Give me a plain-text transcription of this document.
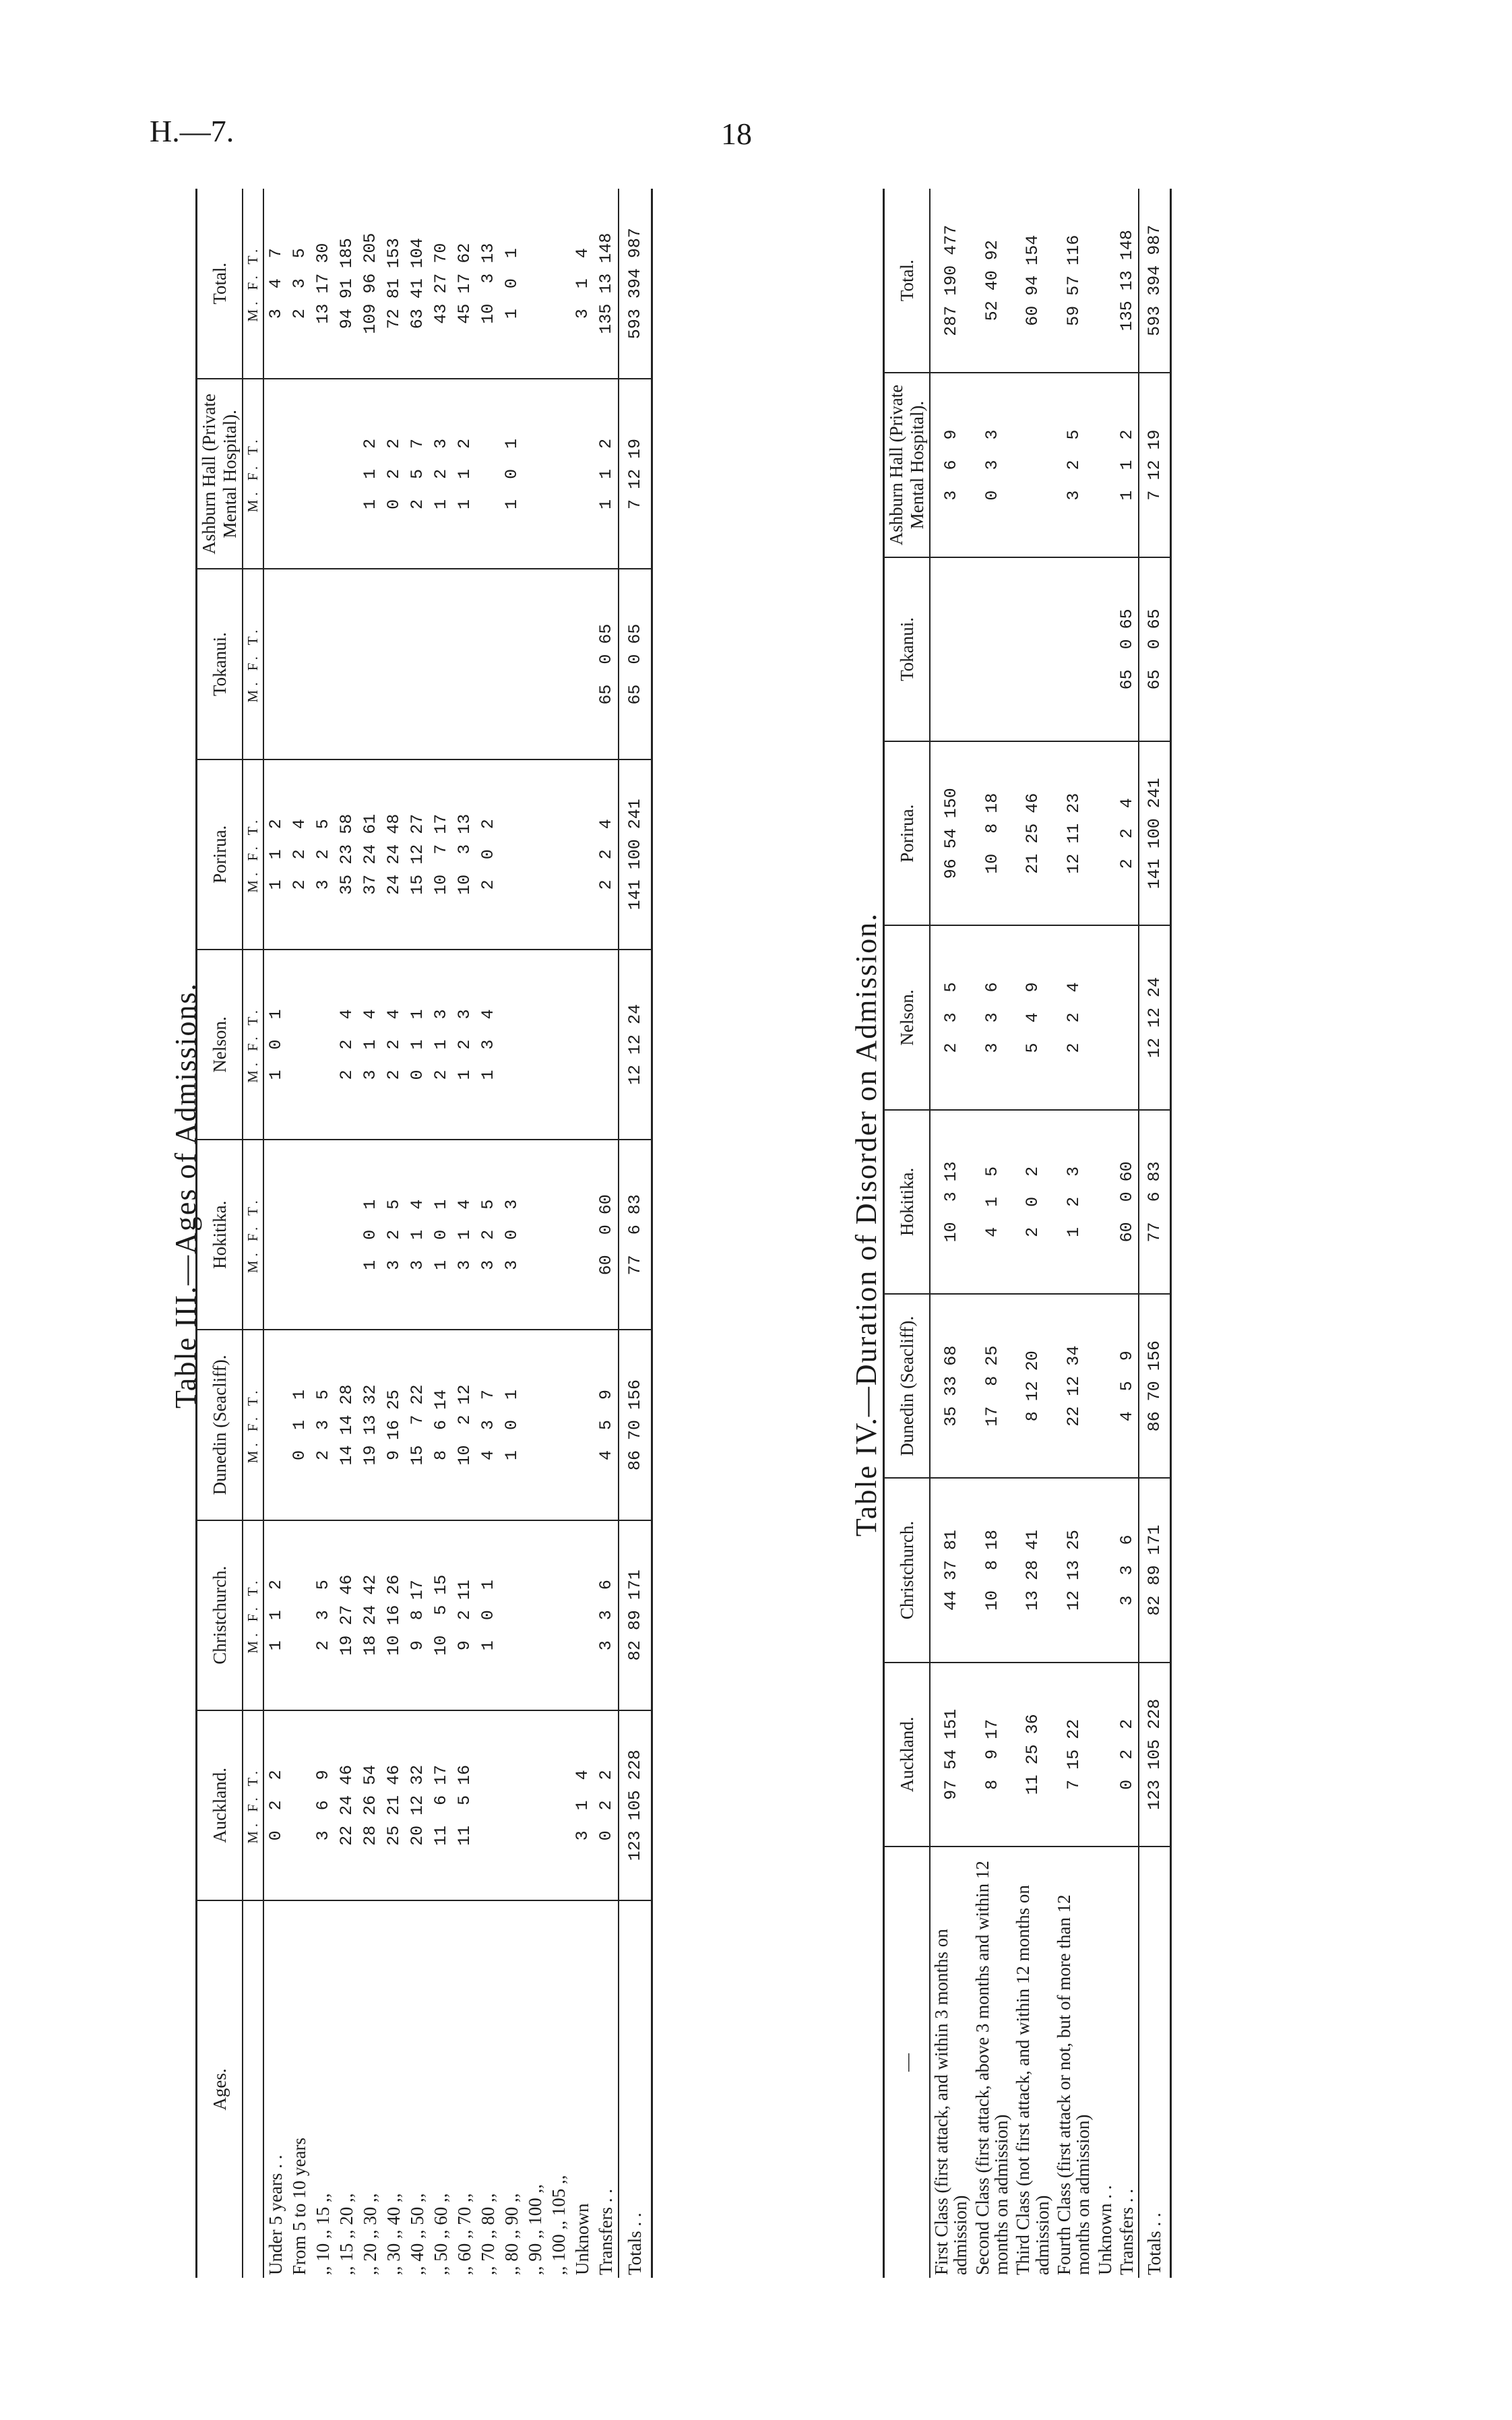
H.—7.	18
Table III.—Ages of Admissions.
Ages.	Auckland.	Christchurch.	Dunedin (Seacliff).	Hokitika.	Nelson.	Porirua.	Tokanui.	Ashburn Hall (Private Mental Hospital).	Total.
	M. F. T.	M. F. T.	M. F. T.	M. F. T.	M. F. T.	M. F. T.	M. F. T.	M. F. T.	M. F. T.
Under 5 years . .	0  2  2	1  1  2			1  0  1	1  1  2			3  4  7
From 5 to 10 years			0  1  1			2  2  4			2  3  5
,, 10 ,, 15 ,,	3  6  9	2  3  5	2  3  5			3  2  5			13 17 30
,, 15 ,, 20 ,,	22 24 46	19 27 46	14 14 28		2  2  4	35 23 58			94 91 185
,, 20 ,, 30 ,,	28 26 54	18 24 42	19 13 32	1  0  1	3  1  4	37 24 61		1  1  2	109 96 205
,, 30 ,, 40 ,,	25 21 46	10 16 26	9 16 25	3  2  5	2  2  4	24 24 48		0  2  2	72 81 153
,, 40 ,, 50 ,,	20 12 32	9  8 17	15  7 22	3  1  4	0  1  1	15 12 27		2  5  7	63 41 104
,, 50 ,, 60 ,,	11  6 17	10  5 15	8  6 14	1  0  1	2  1  3	10  7 17		1  2  3	43 27 70
,, 60 ,, 70 ,,	11  5 16	9  2 11	10  2 12	3  1  4	1  2  3	10  3 13		1  1  2	45 17 62
,, 70 ,, 80 ,,		1  0  1	4  3  7	3  2  5	1  3  4	2  0  2			10  3 13
,, 80 ,, 90 ,,			1  0  1	3  0  3				1  0  1	1  0  1
,, 90 ,, 100 ,,									
,, 100 ,, 105 ,,									
Unknown	3  1  4								3  1  4
Transfers . .	0  2  2	3  3  6	4  5  9	60  0 60		2  2  4	65  0 65	1  1  2	135 13 148
Totals . .	123 105 228	82 89 171	86 70 156	77  6 83	12 12 24	141 100 241	65  0 65	7 12 19	593 394 987
Table IV.—Duration of Disorder on Admission.
—	Auckland.	Christchurch.	Dunedin (Seacliff).	Hokitika.	Nelson.	Porirua.	Tokanui.	Ashburn Hall (Private Mental Hospital).	Total.
First Class (first attack, and within 3 months on admission)	97 54 151	44 37 81	35 33 68	10  3 13	2  3  5	96 54 150		3  6  9	287 190 477
Second Class (first attack, above 3 months and within 12 months on admission)	8  9 17	10  8 18	17  8 25	4  1  5	3  3  6	10  8 18		0  3  3	52 40 92
Third Class (not first attack, and within 12 months on admission)	11 25 36	13 28 41	8 12 20	2  0  2	5  4  9	21 25 46			60 94 154
Fourth Class (first attack or not, but of more than 12 months on admission)	7 15 22	12 13 25	22 12 34	1  2  3	2  2  4	12 11 23		3  2  5	59 57 116
Unknown . .									
Transfers . .	0  2  2	3  3  6	4  5  9	60  0 60		2  2  4	65  0 65	1  1  2	135 13 148
Totals . .	123 105 228	82 89 171	86 70 156	77  6 83	12 12 24	141 100 241	65  0 65	7 12 19	593 394 987
